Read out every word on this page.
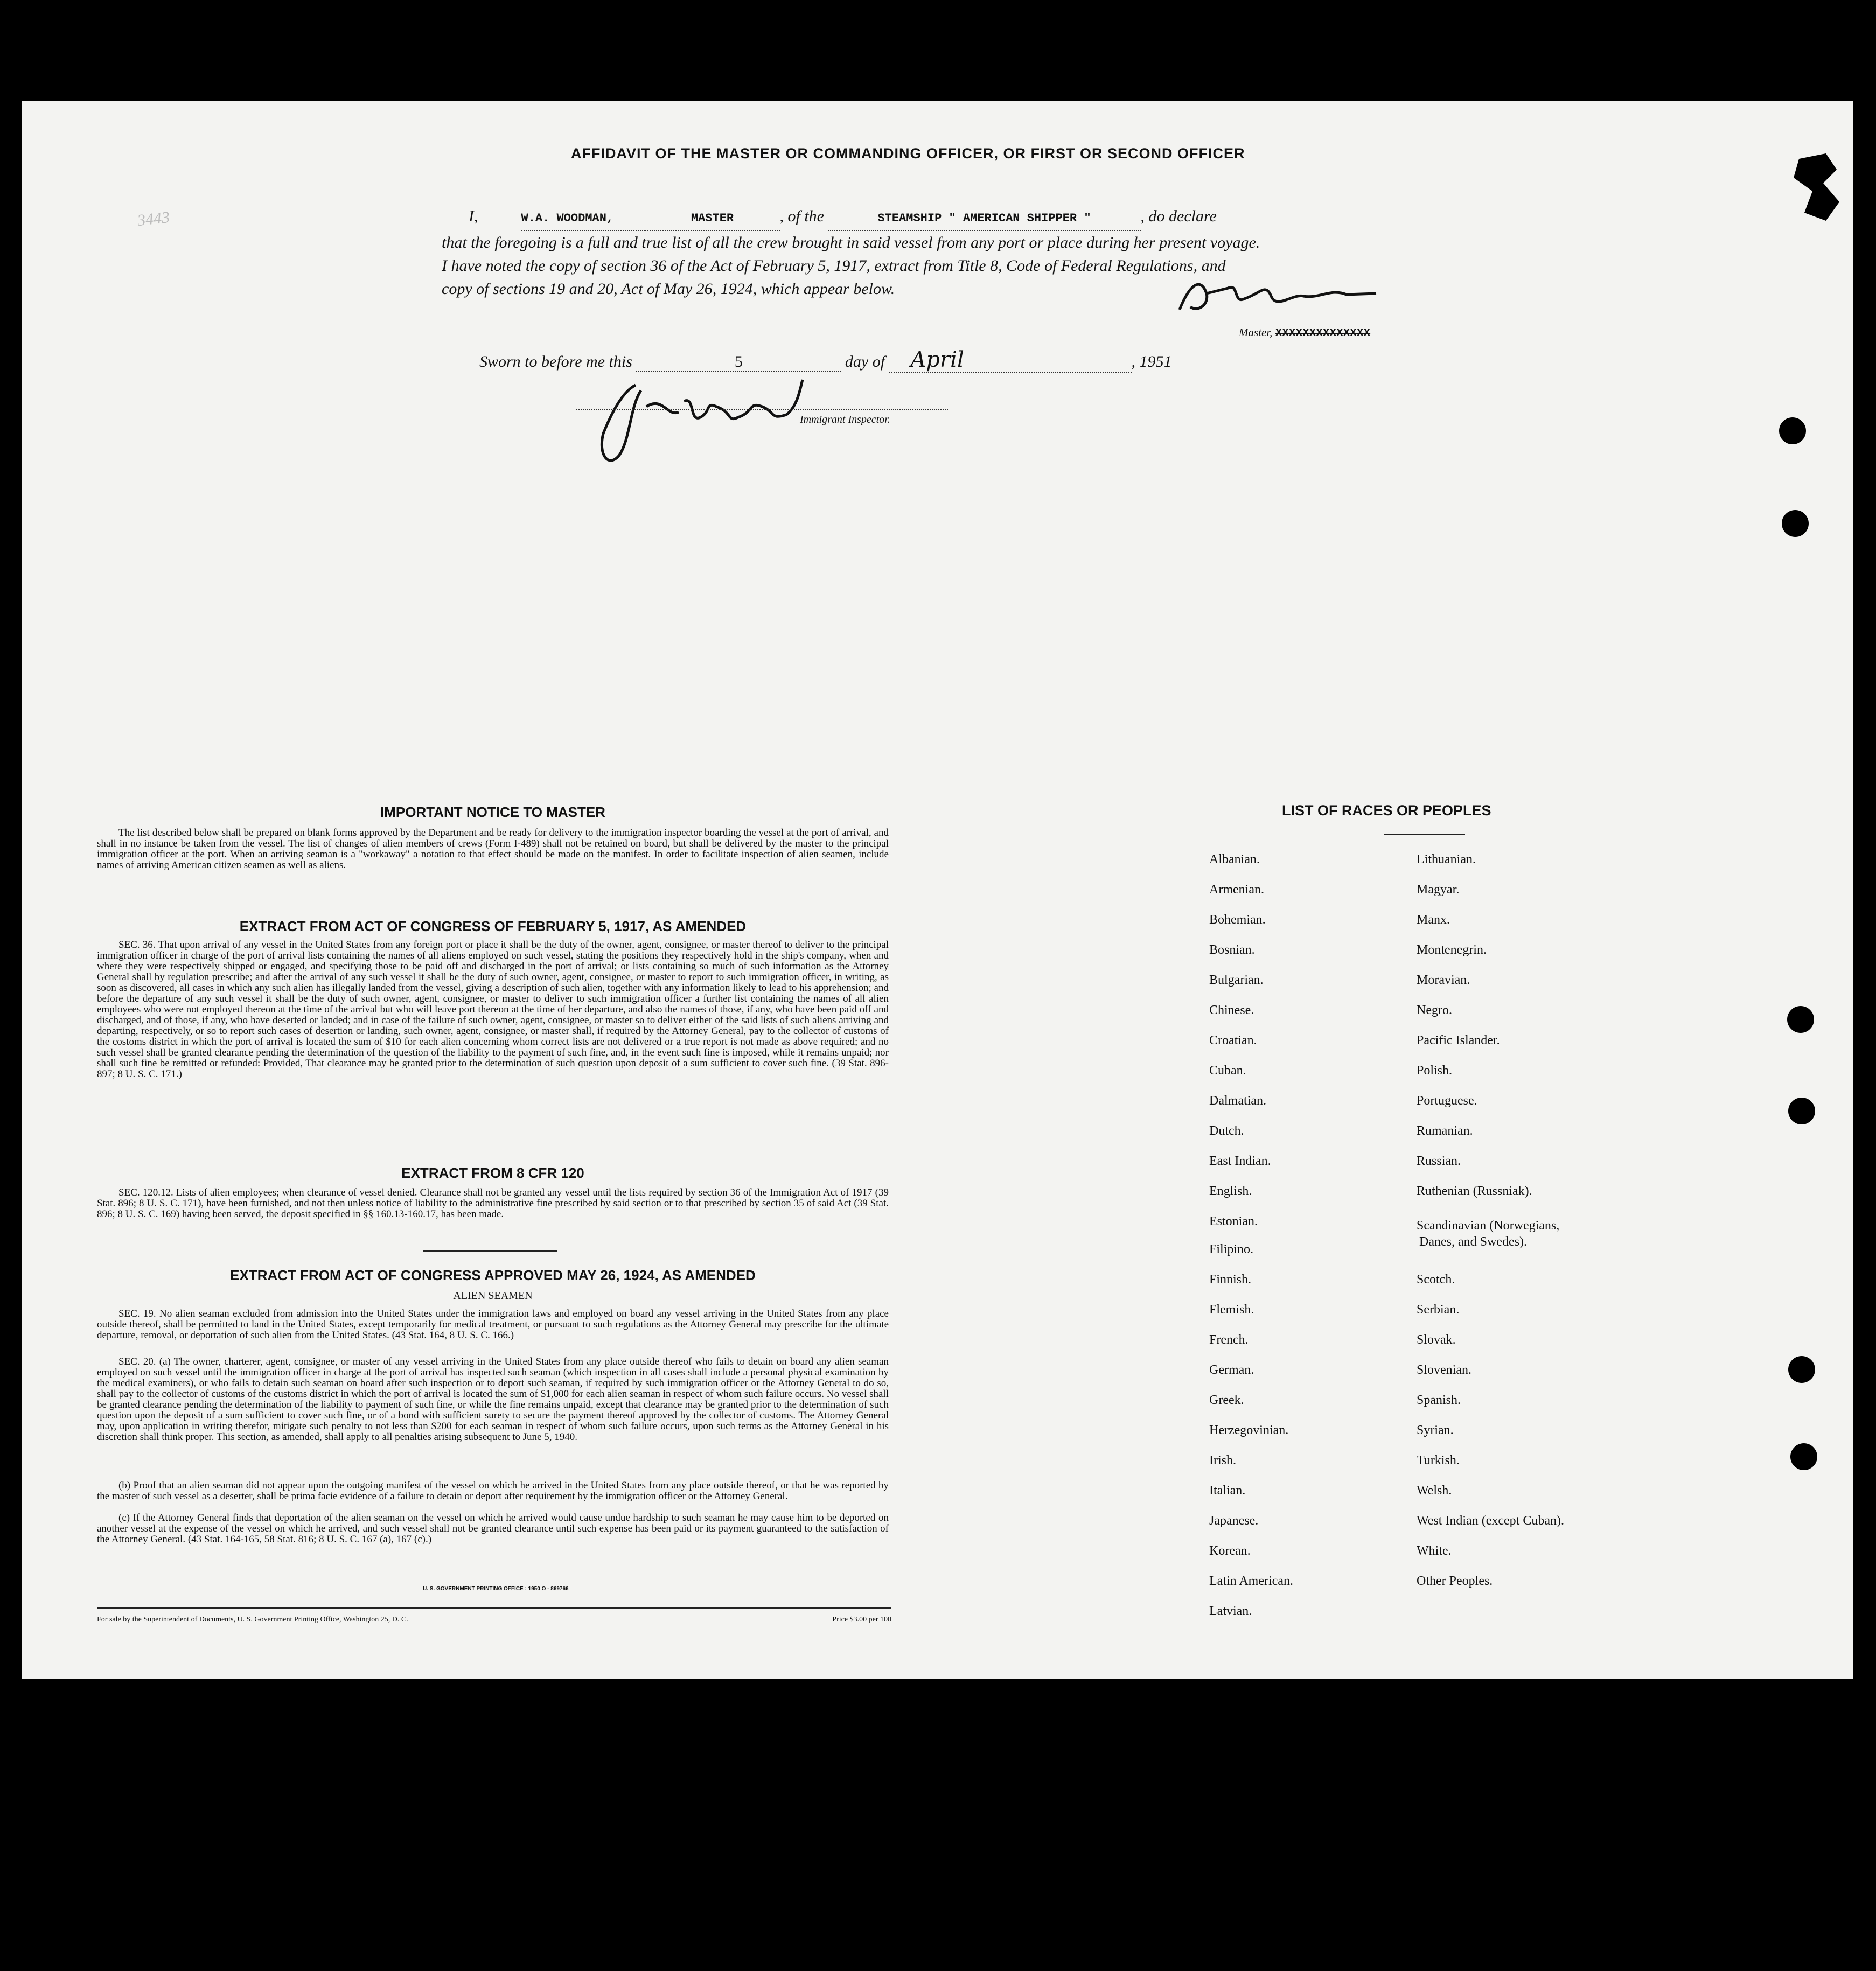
3443
AFFIDAVIT OF THE MASTER OR COMMANDING OFFICER, OR FIRST OR SECOND OFFICER
I,	W.A. WOODMAN,	MASTER	, of the	STEAMSHIP " AMERICAN SHIPPER "	, do declare
that the foregoing is a full and true list of all the crew brought in said vessel from any port or place during her present voyage.
I have noted the copy of section 36 of the Act of February 5, 1917, extract from Title 8, Code of Federal Regulations, and
copy of sections 19 and 20, Act of May 26, 1924, which appear below.
Master, XXXXXXXXXXXXXX
Sworn to before me this	5	day of April	, 1951
Immigrant Inspector.
IMPORTANT NOTICE TO MASTER
The list described below shall be prepared on blank forms approved by the Department and be ready for delivery to the immigration inspector boarding the vessel at the port of arrival, and shall in no instance be taken from the vessel. The list of changes of alien members of crews (Form I-489) shall not be retained on board, but shall be delivered by the master to the principal immigration officer at the port. When an arriving seaman is a "workaway" a notation to that effect should be made on the manifest. In order to facilitate inspection of alien seamen, include names of arriving American citizen seamen as well as aliens.
EXTRACT FROM ACT OF CONGRESS OF FEBRUARY 5, 1917, AS AMENDED
SEC. 36. That upon arrival of any vessel in the United States from any foreign port or place it shall be the duty of the owner, agent, consignee, or master thereof to deliver to the principal immigration officer in charge of the port of arrival lists containing the names of all aliens employed on such vessel, stating the positions they respectively hold in the ship's company, when and where they were respectively shipped or engaged, and specifying those to be paid off and discharged in the port of arrival; or lists containing so much of such information as the Attorney General shall by regulation prescribe; and after the arrival of any such vessel it shall be the duty of such owner, agent, consignee, or master to report to such immigration officer, in writing, as soon as discovered, all cases in which any such alien has illegally landed from the vessel, giving a description of such alien, together with any information likely to lead to his apprehension; and before the departure of any such vessel it shall be the duty of such owner, agent, consignee, or master to deliver to such immigration officer a further list containing the names of all alien employees who were not employed thereon at the time of the arrival but who will leave port thereon at the time of her departure, and also the names of those, if any, who have been paid off and discharged, and of those, if any, who have deserted or landed; and in case of the failure of such owner, agent, consignee, or master so to deliver either of the said lists of such aliens arriving and departing, respectively, or so to report such cases of desertion or landing, such owner, agent, consignee, or master shall, if required by the Attorney General, pay to the collector of customs of the costoms district in which the port of arrival is located the sum of $10 for each alien concerning whom correct lists are not delivered or a true report is not made as above required; and no such vessel shall be granted clearance pending the determination of the question of the liability to the payment of such fine, and, in the event such fine is imposed, while it remains unpaid; nor shall such fine be remitted or refunded: Provided, That clearance may be granted prior to the determination of such question upon deposit of a sum sufficient to cover such fine. (39 Stat. 896-897; 8 U. S. C. 171.)
EXTRACT FROM 8 CFR 120
SEC. 120.12. Lists of alien employees; when clearance of vessel denied. Clearance shall not be granted any vessel until the lists required by section 36 of the Immigration Act of 1917 (39 Stat. 896; 8 U. S. C. 171), have been furnished, and not then unless notice of liability to the administrative fine prescribed by said section or to that prescribed by section 35 of said Act (39 Stat. 896; 8 U. S. C. 169) having been served, the deposit specified in §§ 160.13-160.17, has been made.
EXTRACT FROM ACT OF CONGRESS APPROVED MAY 26, 1924, AS AMENDED
ALIEN SEAMEN
SEC. 19. No alien seaman excluded from admission into the United States under the immigration laws and employed on board any vessel arriving in the United States from any place outside thereof, shall be permitted to land in the United States, except temporarily for medical treatment, or pursuant to such regulations as the Attorney General may prescribe for the ultimate departure, removal, or deportation of such alien from the United States. (43 Stat. 164, 8 U. S. C. 166.)
SEC. 20. (a) The owner, charterer, agent, consignee, or master of any vessel arriving in the United States from any place outside thereof who fails to detain on board any alien seaman employed on such vessel until the immigration officer in charge at the port of arrival has inspected such seaman (which inspection in all cases shall include a personal physical examination by the medical examiners), or who fails to detain such seaman on board after such inspection or to deport such seaman, if required by such immigration officer or the Attorney General to do so, shall pay to the collector of customs of the customs district in which the port of arrival is located the sum of $1,000 for each alien seaman in respect of whom such failure occurs. No vessel shall be granted clearance pending the determination of the liability to payment of such fine, or while the fine remains unpaid, except that clearance may be granted prior to the determination of such question upon the deposit of a sum sufficient to cover such fine, or of a bond with sufficient surety to secure the payment thereof approved by the collector of customs. The Attorney General may, upon application in writing therefor, mitigate such penalty to not less than $200 for each seaman in respect of whom such failure occurs, upon such terms as the Attorney General in his discretion shall think proper. This section, as amended, shall apply to all penalties arising subsequent to June 5, 1940.
(b) Proof that an alien seaman did not appear upon the outgoing manifest of the vessel on which he arrived in the United States from any place outside thereof, or that he was reported by the master of such vessel as a deserter, shall be prima facie evidence of a failure to detain or deport after requirement by the immigration officer or the Attorney General.
(c) If the Attorney General finds that deportation of the alien seaman on the vessel on which he arrived would cause undue hardship to such seaman he may cause him to be deported on another vessel at the expense of the vessel on which he arrived, and such vessel shall not be granted clearance until such expense has been paid or its payment guaranteed to the satisfaction of the Attorney General. (43 Stat. 164-165, 58 Stat. 816; 8 U. S. C. 167 (a), 167 (c).)
U. S. GOVERNMENT PRINTING OFFICE : 1950 O - 869766
For sale by the Superintendent of Documents, U. S. Government Printing Office, Washington 25, D. C.	Price $3.00 per 100
LIST OF RACES OR PEOPLES
Albanian.
Armenian.
Bohemian.
Bosnian.
Bulgarian.
Chinese.
Croatian.
Cuban.
Dalmatian.
Dutch.
East Indian.
English.
Estonian.
Filipino.
Finnish.
Flemish.
French.
German.
Greek.
Herzegovinian.
Irish.
Italian.
Japanese.
Korean.
Latin American.
Latvian.
Lithuanian.
Magyar.
Manx.
Montenegrin.
Moravian.
Negro.
Pacific Islander.
Polish.
Portuguese.
Rumanian.
Russian.
Ruthenian (Russniak).
Scandinavian (Norwegians,
Danes, and Swedes).
Scotch.
Serbian.
Slovak.
Slovenian.
Spanish.
Syrian.
Turkish.
Welsh.
West Indian (except Cuban).
White.
Other Peoples.
